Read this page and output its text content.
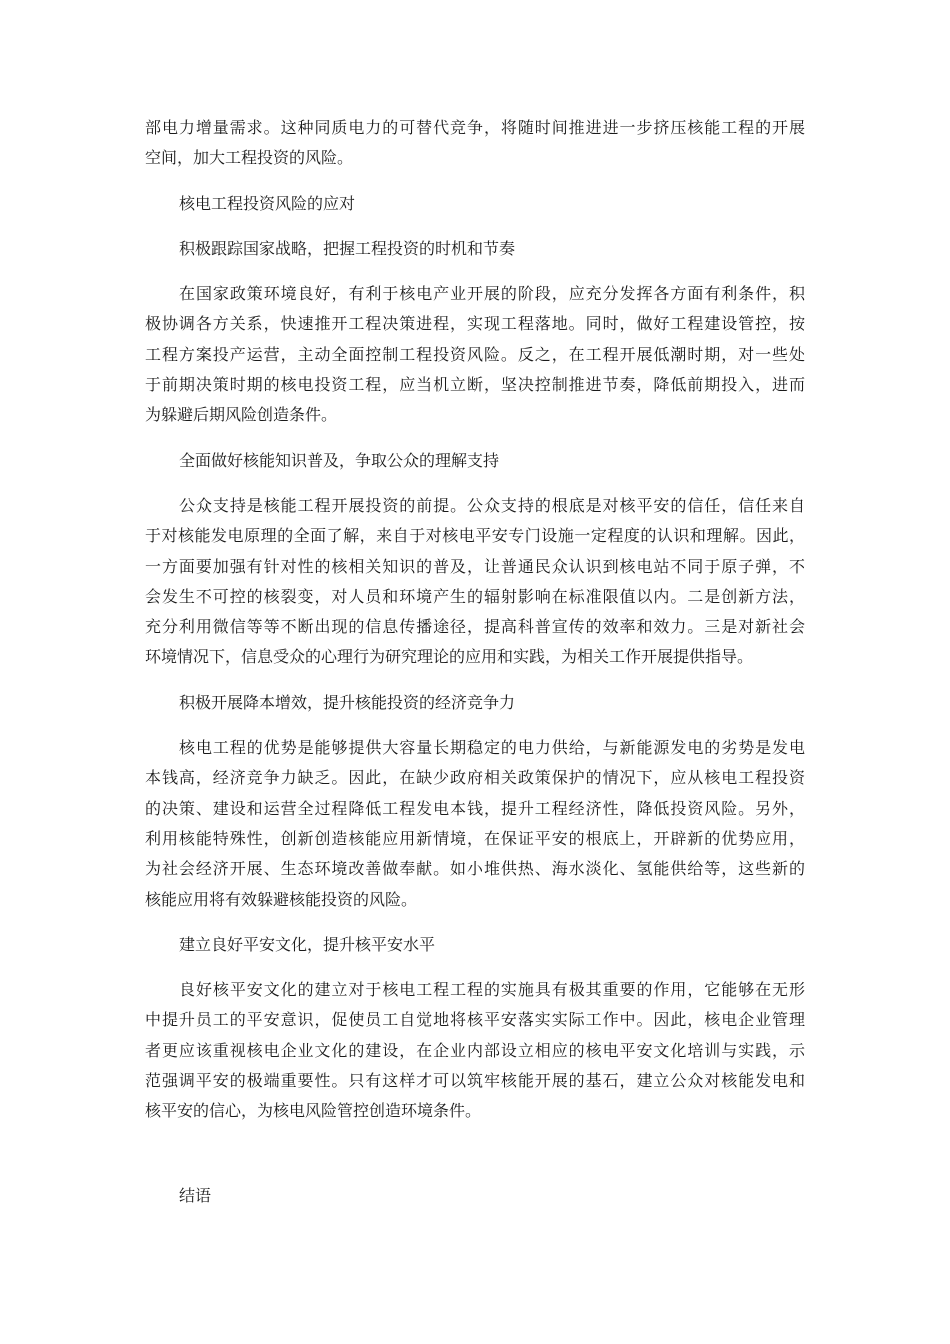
部电力增量需求。这种同质电力的可替代竞争，将随时间推进进一步挤压核能工程的开展
空间，加大工程投资的风险。
核电工程投资风险的应对
积极跟踪国家战略，把握工程投资的时机和节奏
在国家政策环境良好，有利于核电产业开展的阶段，应充分发挥各方面有利条件，积
极协调各方关系，快速推开工程决策进程，实现工程落地。同时，做好工程建设管控，按
工程方案投产运营，主动全面控制工程投资风险。反之，在工程开展低潮时期，对一些处
于前期决策时期的核电投资工程，应当机立断，坚决控制推进节奏，降低前期投入，进而
为躲避后期风险创造条件。
全面做好核能知识普及，争取公众的理解支持
公众支持是核能工程开展投资的前提。公众支持的根底是对核平安的信任，信任来自
于对核能发电原理的全面了解，来自于对核电平安专门设施一定程度的认识和理解。因此，
一方面要加强有针对性的核相关知识的普及，让普通民众认识到核电站不同于原子弹，不
会发生不可控的核裂变，对人员和环境产生的辐射影响在标准限值以内。二是创新方法，
充分利用微信等等不断出现的信息传播途径，提高科普宣传的效率和效力。三是对新社会
环境情况下，信息受众的心理行为研究理论的应用和实践，为相关工作开展提供指导。
积极开展降本增效，提升核能投资的经济竞争力
核电工程的优势是能够提供大容量长期稳定的电力供给，与新能源发电的劣势是发电
本钱高，经济竞争力缺乏。因此，在缺少政府相关政策保护的情况下，应从核电工程投资
的决策、建设和运营全过程降低工程发电本钱，提升工程经济性，降低投资风险。另外，
利用核能特殊性，创新创造核能应用新情境，在保证平安的根底上，开辟新的优势应用，
为社会经济开展、生态环境改善做奉献。如小堆供热、海水淡化、氢能供给等，这些新的
核能应用将有效躲避核能投资的风险。
建立良好平安文化，提升核平安水平
良好核平安文化的建立对于核电工程工程的实施具有极其重要的作用，它能够在无形
中提升员工的平安意识，促使员工自觉地将核平安落实实际工作中。因此，核电企业管理
者更应该重视核电企业文化的建设，在企业内部设立相应的核电平安文化培训与实践，示
范强调平安的极端重要性。只有这样才可以筑牢核能开展的基石，建立公众对核能发电和
核平安的信心，为核电风险管控创造环境条件。
结语
